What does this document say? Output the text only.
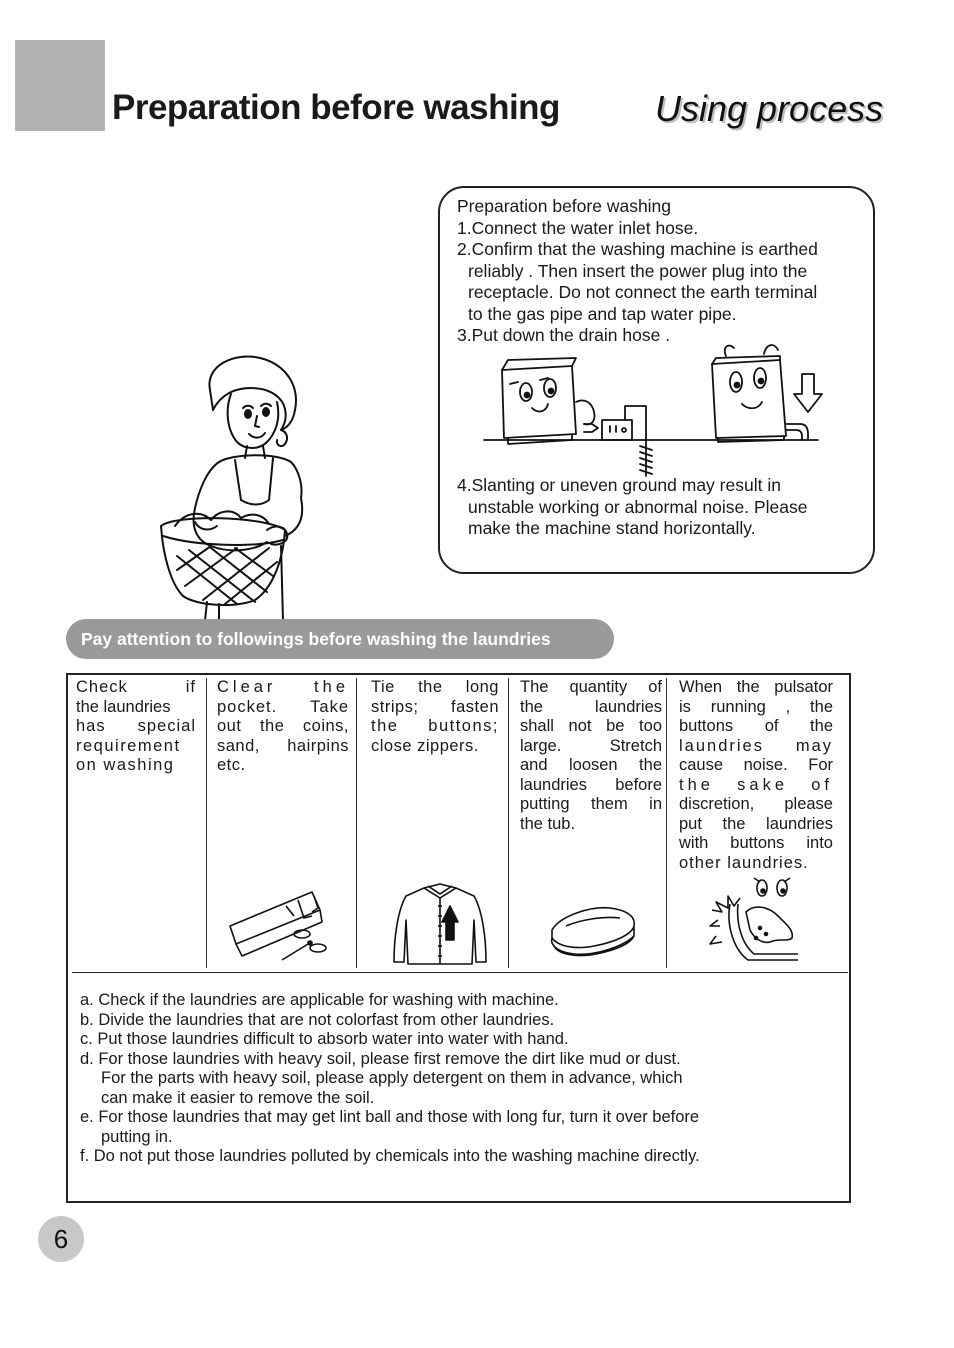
Preparation before washing	Using process
Preparation before washing
1.Connect the water inlet hose.
2.Confirm that the washing machine is earthed
reliably . Then insert the power plug into the
receptacle. Do not connect the earth terminal
to the gas pipe and tap water pipe.
3.Put down the drain hose .
4.Slanting or uneven ground may result in
unstable working or abnormal noise. Please
make the machine stand horizontally.
Pay attention to followings before washing the laundries
Check if
the laundries
has special
requirement
on washing
Clear the
pocket. Take
out the coins,
sand, hairpins
etc.
Tie the long
strips; fasten
the buttons;
close zippers.
The quantity of
the laundries
shall not be too
large. Stretch
and loosen the
laundries before
putting them in
the tub.
When the pulsator
is running , the
buttons of the
laundries may
cause noise. For
the sake of
discretion, please
put the laundries
with buttons into
other laundries.
a. Check if the laundries are applicable for washing with machine.
b. Divide the laundries that are not colorfast from other laundries.
c. Put those laundries difficult to absorb water into water with hand.
d. For those laundries with heavy soil, please first remove the dirt like mud or dust.
For the parts with heavy soil, please apply detergent on them in advance, which
can make it easier to remove the soil.
e. For those laundries that may get lint ball and those with long fur, turn it over before
putting in.
f. Do not put those laundries polluted by chemicals into the washing machine directly.
6
